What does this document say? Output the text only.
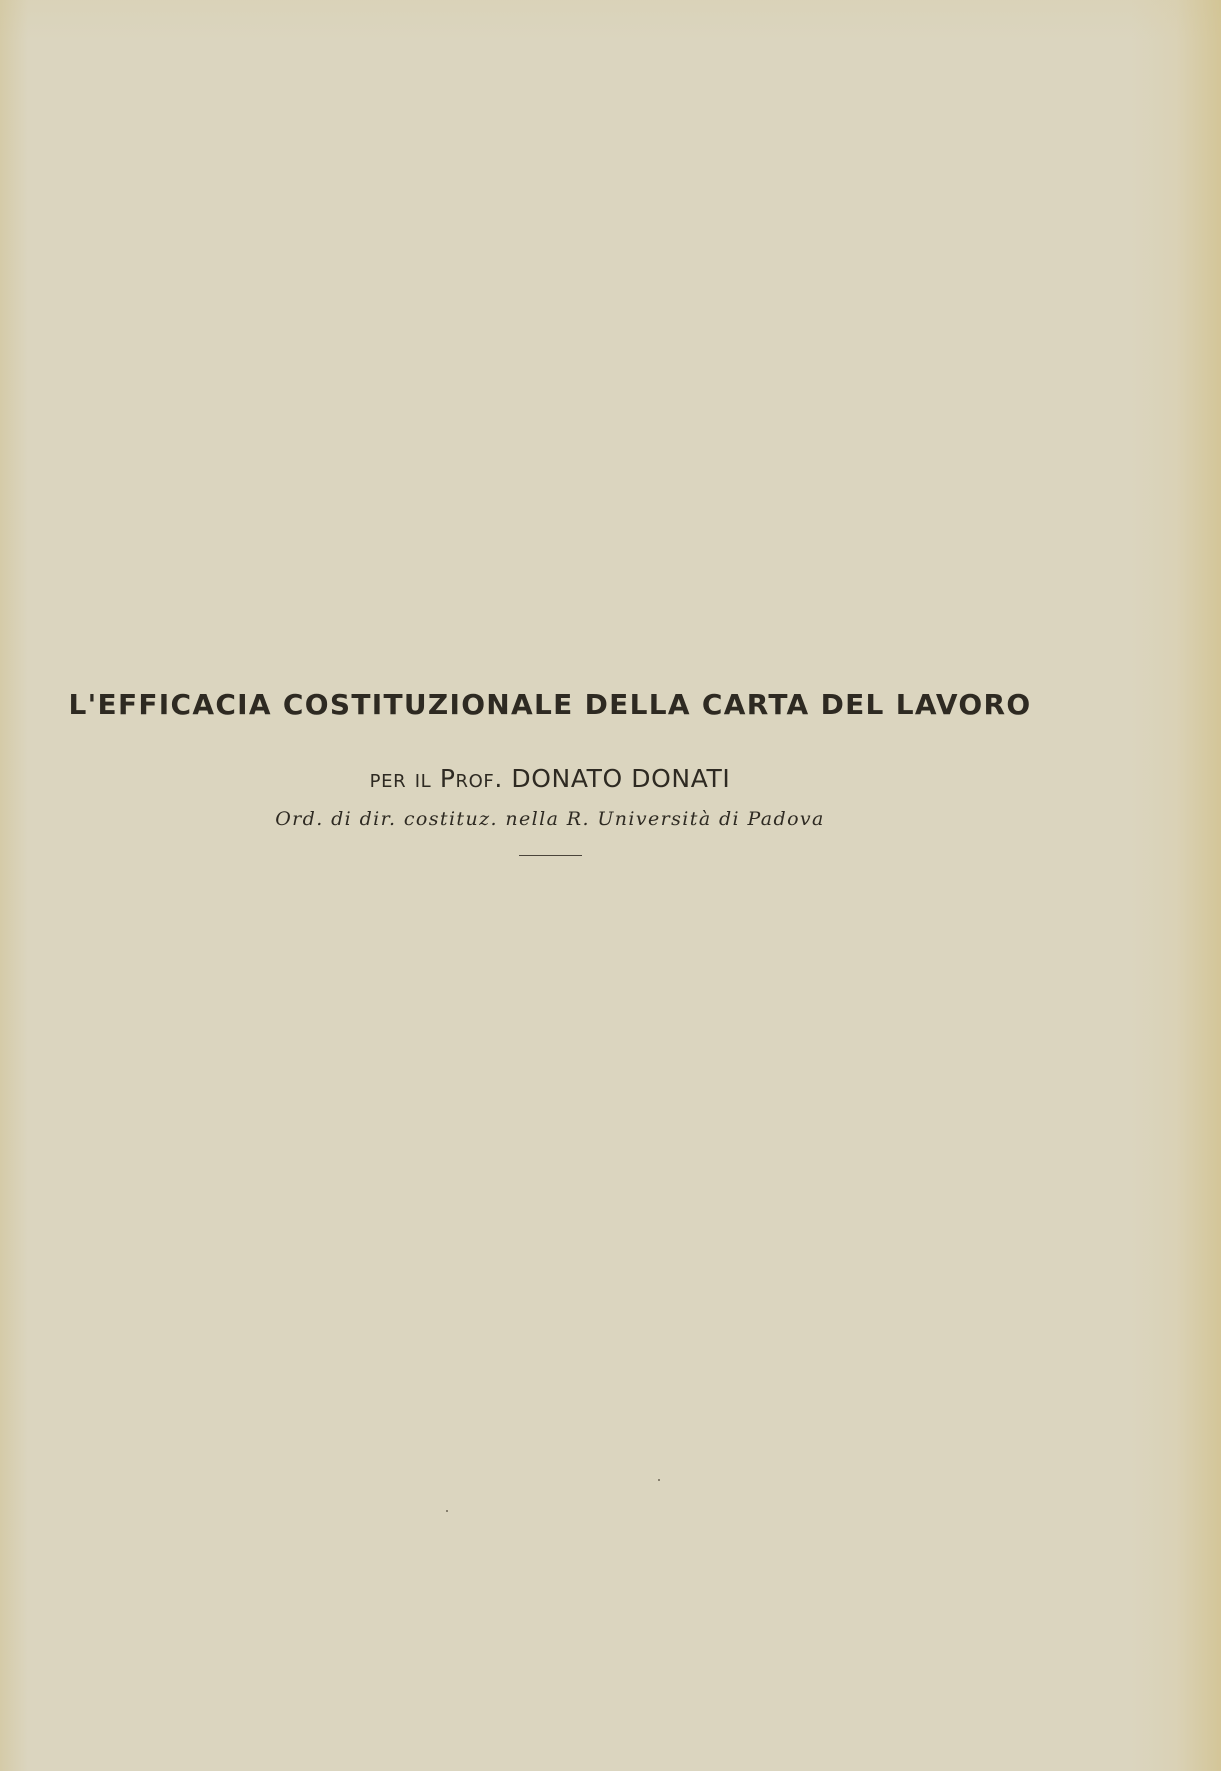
L'EFFICACIA COSTITUZIONALE DELLA CARTA DEL LAVORO
per il Prof. DONATO DONATI
Ord. di dir. costituz. nella R. Università di Padova
